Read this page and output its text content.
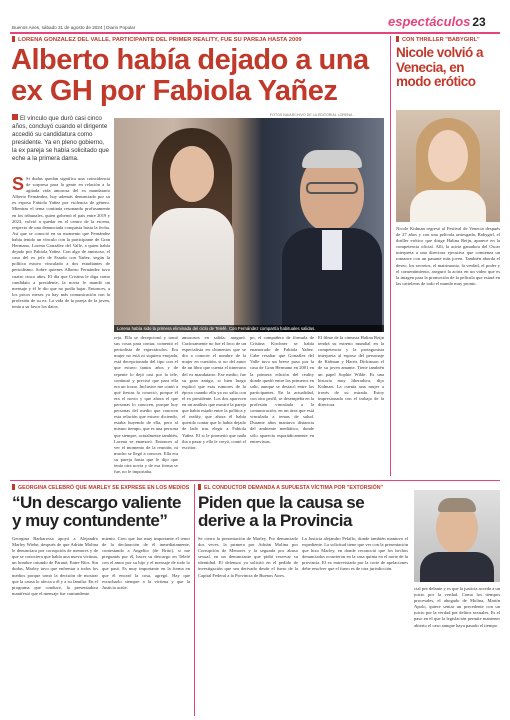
Buenos Aires, sábado 31 de agosto de 2024 | Diario Popular	espectáculos 23
LORENA GONZALEZ DEL VALLE, PARTICIPANTE DEL PRIMER REALITY, FUE SU PAREJA HASTA 2009
Alberto había dejado a una ex GH por Fabiola Yañez
El vínculo que duró casi cinco años, concluyó cuando el dirigente accedió su candidatura como presidente. Ya en pleno gobierno, la ex pareja se había solicitado que eche a la primera dama.
FOTOS NA/ARCHIVO DE LA EDITORIAL LORENA
Lorena había sido la primera eliminada del ciclo de Telefé. Con Fernández compartía habituales salidas.
S Si dudas quedan significa una coincidencia de sorpresa para la gente en relación a la agitada vida amorosa del ex mandatario Alberto Fernández, hoy además denunciado por su ex esposa Fabiola Yañez por violencia de género. Mientras el tema continúa resonando profusamente en los tribunales, quien gobernó el país entre 2019 y 2023, volvió a quedar en el centro de la escena, respecto de una denunciada conquista hasta la fecha. Así que se conoció en su momento que Fernández había tenido un vínculo con la participante de Gran Hermano, Lorena González del Valle, a quien había dejado por Fabiola Yañez. Con algo de amistoso, el caso del ex jefe de Estado con Yañez, según la política estuvo vinculado a dos estudiantes de periodismo. Sobre quienes Alberto Fernández tuvo cuatro cinco años. El día que Cristina le diga como candidato a presidente, la novia le mandó un mensaje y él le dio que no podía bajar. Entonces, a los pocos meses ya hay más comunicación con la profesión de su ex. La vida de la pareja de la joven, tenía a su favor los datos.
reja. Ella se decepcionó y tomó sus cosas para contar, comentó el periodista de espectáculos. Era mujer no está ni siquiera enojada, está decepcionada del tipo con el que estuvo tantos años y de repente lo dejó casi por la tele, continuó y precisó que para ella era un ícono. Inclusive me contó a qué fiestas lo conoció, porque él era el novio y que ahora el que personas lo conocen, porque hoy personas del medio que conocen esta relación que estuvo diciendo, estaba huyendo de ella, pero al mismo tiempo, que es una persona que siempre, actualmente también, Lorena se enamoró. Entonces al ver el momento de la reunión, ni mucho se llegó a conocer. Ella era su pareja hasta que le dijo que tenía otra novia y de esa forma se fue, no le importaba.
amorosos en salida, aseguró. Curiosamente no fue el foco de un especialista en chimentos que se dio a conocer el nombre de la mujer en cuestión, si no del autor de un libro que cuenta el itinerario del ex mandatario. Ese medio, fue su gran amigo, si bien luego explicó que esas rumores de la época cuando ella ya no salía con el ex presidente. Los dos aparecen en un análisis que mostró la pareja que había estado entre la política y el reality, que ahora él había querido contar que lo había dejado de lado tras elegir a Fabiola Yañez. El si le prometió que nada iba a pasar y ella le creyó, contó el escritor.
po, el compañero de fórmula de Cristina Kirchner se había enamorado de Fabiola Yañez. Cabe resaltar que González del Valle tuvo un breve paso por la casa de Gran Hermano en 2001 en la primera edición del reality donde quedó entre los primeros en salir, aunque se destacó entre los participantes. En la actualidad, con otro perfil, se desempeña en la profesión vinculada a la comunicación, en un área que está vinculada a temas de salud. Durante años mantuvo distancia del ambiente mediático, donde sólo aparecía esporádicamente en entrevistas.
El filme de la cineasta Halina Reijn tendrá su estreno mundial en la competencia y la protagonista interpreta al esposo del personaje de Kidman y Harris Dickinson el de su joven amante. Tiene también un papel Sophie Wilde. Es una historia muy liberadora, dijo Kidman. La cuenta una mujer a través de su mirada. Estoy impresionada con el trabajo de la directora.
CON THRILLER "BABYGIRL"
Nicole volvió a Venecia, en modo erótico
Nicole Kidman regresó al Festival de Venecia después de 27 años y con una película arriesgada, Babygirl, el thriller erótico que dirige Halina Reijn, aparece en la competencia oficial. Allí, la actriz ganadora del Oscar interpreta a una directora ejecutiva que comienza un romance con un pasante más joven. También aborda el deseo, los secretos, el matrimonio, la verdad, el poder y el consentimiento, aseguró la actriz en un video que es la imagen para la promoción de la película que estará en las carteleras de todo el mundo muy pronto.
GEORGINA CELEBRÓ QUE MARLEY SE EXPRESE EN LOS MEDIOS
“Un descargo valiente y muy contundente”
Georgina Barbarossa apoyó a Alejandro Marley Wiebe, después de que Adrián Molina le denunciara por corrupción de menores y de que se conociera que había una nueva víctima, un hombre oriundo de Paraná, Entre Ríos. Sin dudas, Marley tuvo que enfrentar a todos los medios porque tomó la decisión de mostrar que la causa lo afecta a él y a su familia. En el programa que conduce, la presentadora manifestó que el mensaje fue contundente.
miento. Creo que fue muy importante el tenor de la declaración de él inmediatamente, contestando a Angelito (de Brito), si me preguntás por él, hacer su descargo en Telefé con el amor por su hijo y el mensaje de todo lo que pasó. Es muy importante en la forma en que él encaró la cosa, agregó. Hay que escucharlo siempre a la víctima y que la Justicia actúe.
EL CONDUCTOR DEMANDA A SUPUESTA VÍCTIMA POR "EXTORSIÓN"
Piden que la causa se derive a la Provincia
Se cierra la presentación de Marley. Por denunciado dos veces, la primera por Adrián Molina por Corrupción de Menores y la segunda por abuso sexual, en un denunciante que pidió reservar su identidad. El defensor ya solicitó en el pedido de investigación que sea derivado desde el fuero de la Capital Federal a la Provincia de Buenos Aires.
La Justicia alejandro Pelaffo, donde también mantuvo el expediente. La solicitud tiene que ver con la presentación que hizo Marley, en donde reconoció que los hechos denunciados ocurrieron en la casa quinta en el norte de la provincia. El ex entrevistado por la corte de apelaciones debe resolver que el fuero es de otra jurisdicción.
cial por delante y es que la justicia acceda a un juicio por la verdad. Como los tiempos procesales, el abogado de Molina, Martín Apolo, quiere sentar un precedente con un juicio por la verdad por delitos sexuales. Es el paso en el que la legislación permite mantener abierto el caso aunque haya pasado el tiempo.
